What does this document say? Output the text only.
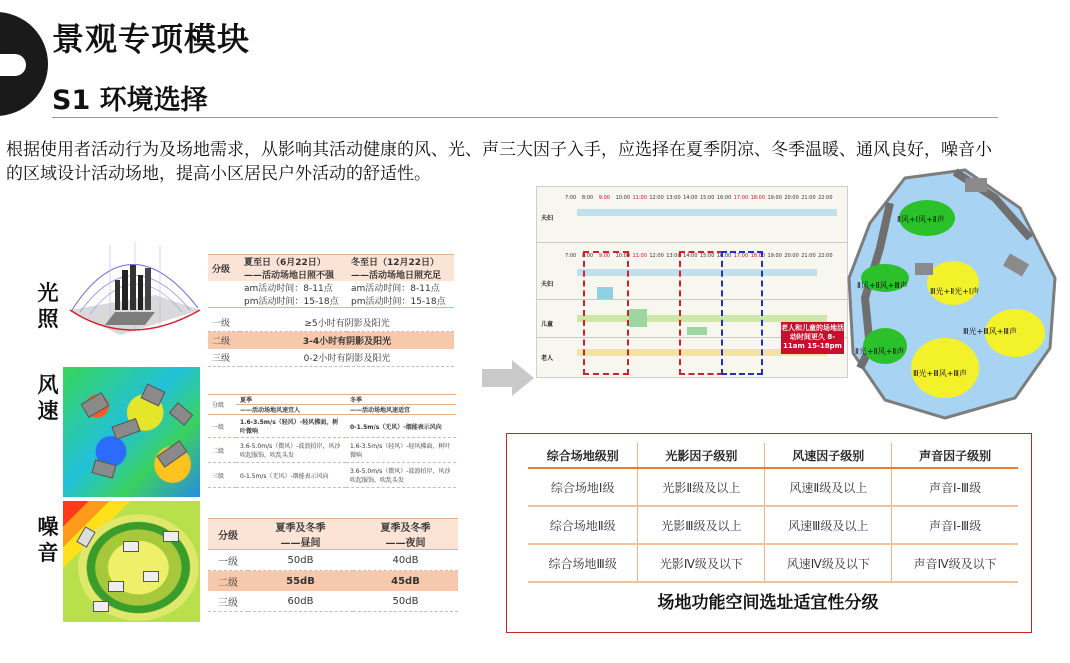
景观专项模块
S1 环境选择
根据使用者活动行为及场地需求，从影响其活动健康的风、光、声三大因子入手，应选择在夏季阴凉、冬季温暖、通风良好，噪音小的区域设计活动场地，提高小区居民户外活动的舒适性。
光照
分级	夏至日（6月22日）	冬至日（12月22日）
	——活动场地日照不强	——活动场地日照充足
	am活动时间：8-11点	am活动时间：8-11点
	pm活动时间：15-18点	pm活动时间：15-18点

一级	≥5小时有阴影及阳光	
二级	3-4小时有阴影及阳光	
三级	0-2小时有阴影及阳光	
风速	分级	夏季	冬季
	——活动场地风速宜人	——活动场地风速适宜
一级	1.6-3.5m/s（轻风）-轻风拂面，树叶微响	0-1.5m/s（无风）-烟能表示风向
二级	3.6-5.0m/s（微风）-波浪拍岸，风沙吹起服饰，吹乱头发	1.6-3.5m/s（轻风）-轻风拂面，树叶微响
三级	0-1.5m/s（无风）-烟能表示风向	3.6-5.0m/s（微风）-波浪拍岸，风沙吹起服饰，吹乱头发
噪音
分级	夏季及冬季	夏季及冬季
	——昼间	——夜间
一级	50dB	40dB
二级	55dB	45dB
三级	60dB	50dB
夫妇
夫妇
儿童
老人
7:00 8:00 9:00 10:00 11:00 12:00 13:00 14:00 15:00 16:00 17:00 18:00 19:00 20:00 21:00 22:00
7:00 8:00 9:00 10:00 11:00 12:00 13:00 14:00 15:00 16:00 17:00 18:00 19:00 20:00 21:00 22:00
老人和儿童的场地活动时间更久 8-11am 15-18pm
Ⅱ风+Ⅰ风+Ⅱ声
Ⅱ风+Ⅱ风+Ⅲ声
Ⅲ光+Ⅱ光+Ⅰ声
Ⅲ光+Ⅲ风+Ⅲ声
Ⅱ光+Ⅱ风+Ⅱ声
Ⅲ光+Ⅲ风+Ⅲ声
综合场地级别	光影因子级别	风速因子级别	声音因子级别
综合场地Ⅰ级	光影Ⅱ级及以上	风速Ⅱ级及以上	声音Ⅰ-Ⅲ级
综合场地Ⅱ级	光影Ⅲ级及以上	风速Ⅲ级及以上	声音Ⅰ-Ⅲ级
综合场地Ⅲ级	光影Ⅳ级及以下	风速Ⅳ级及以下	声音Ⅳ级及以下
场地功能空间选址适宜性分级
